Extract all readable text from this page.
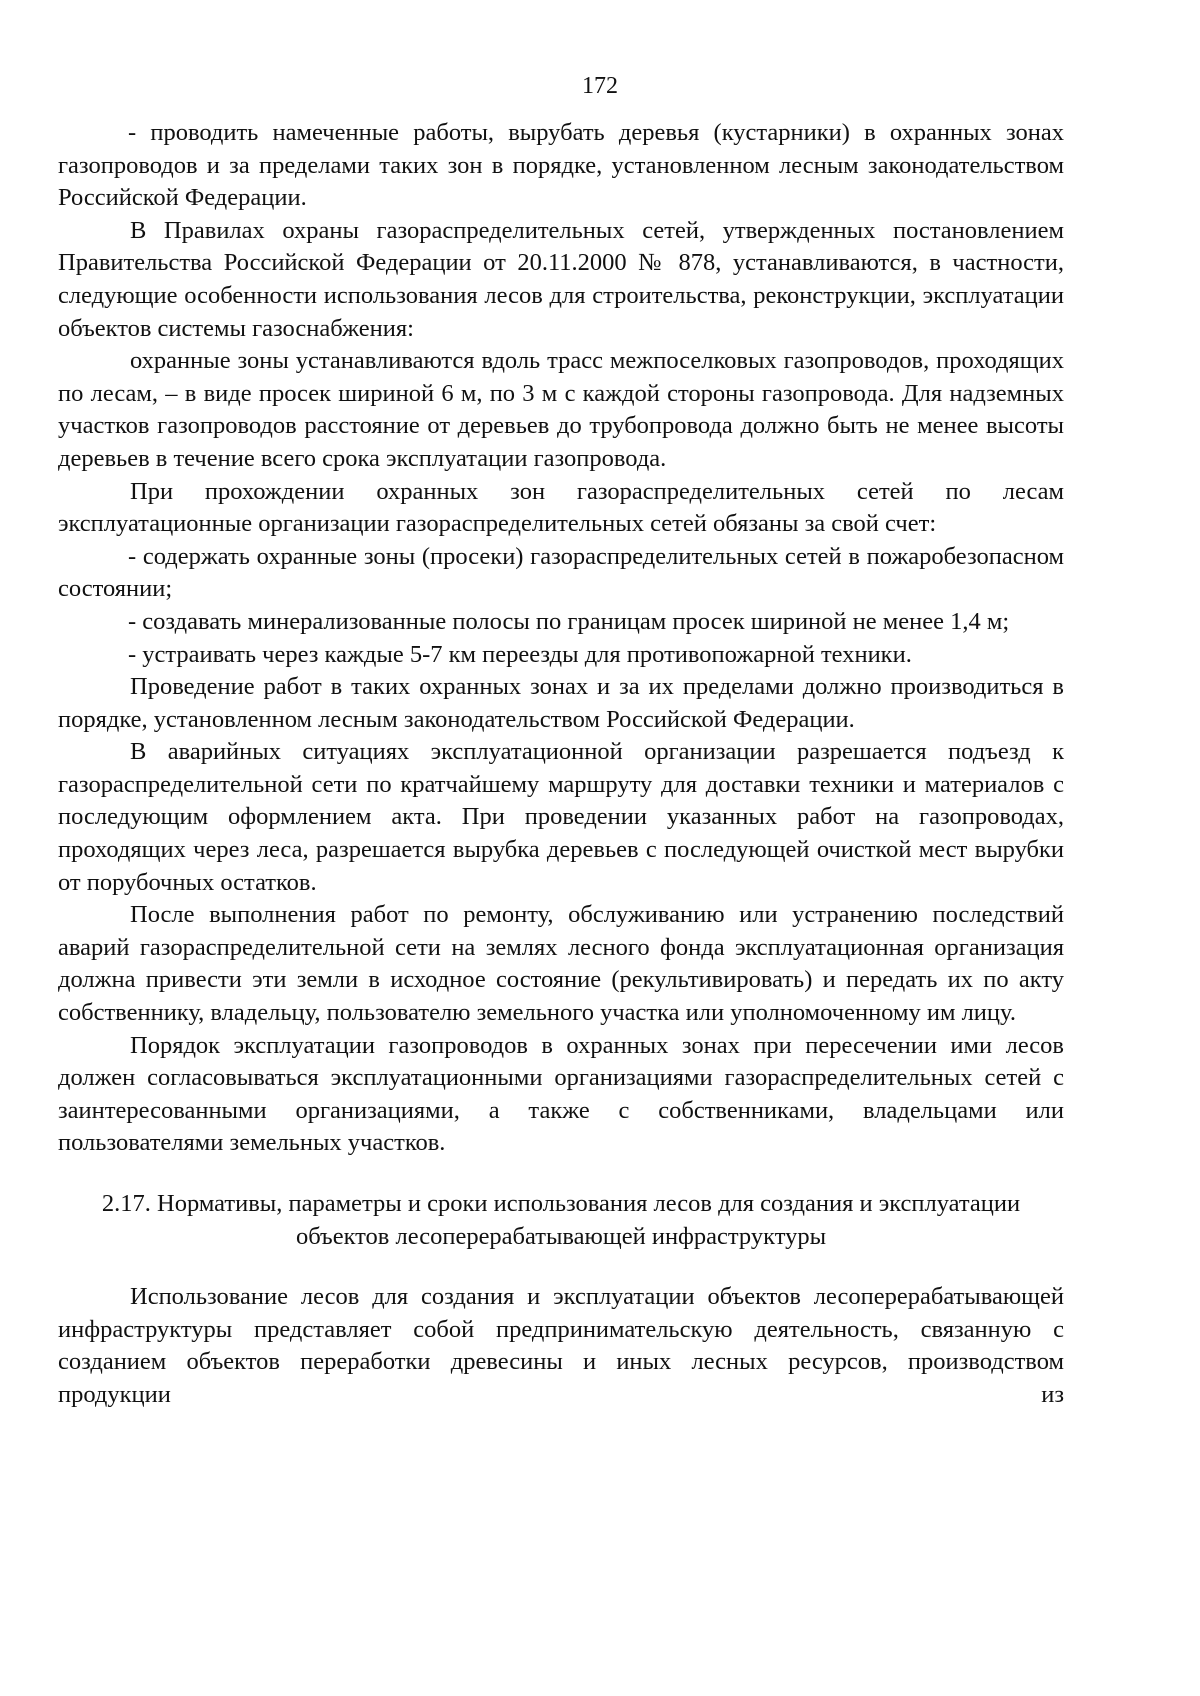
172

- проводить намеченные работы, вырубать деревья (кустарники) в охранных зонах газопроводов и за пределами таких зон в порядке, установленном лесным законодательством Российской Федерации.

В Правилах охраны газораспределительных сетей, утвержденных постановлением Правительства Российской Федерации от 20.11.2000 № 878, устанавливаются, в частности, следующие особенности использования лесов для строительства, реконструкции, эксплуатации объектов системы газоснабжения:

охранные зоны устанавливаются вдоль трасс межпоселковых газопроводов, проходящих по лесам, – в виде просек шириной 6 м, по 3 м с каждой стороны газопровода. Для надземных участков газопроводов расстояние от деревьев до трубопровода должно быть не менее высоты деревьев в течение всего срока эксплуатации газопровода.

При прохождении охранных зон газораспределительных сетей по лесам эксплуатационные организации газораспределительных сетей обязаны за свой счет:

- содержать охранные зоны (просеки) газораспределительных сетей в пожаробезопасном состоянии;

- создавать минерализованные полосы по границам просек шириной не менее 1,4 м;

- устраивать через каждые 5-7 км переезды для противопожарной техники.

Проведение работ в таких охранных зонах и за их пределами должно производиться в порядке, установленном лесным законодательством Российской Федерации.

В аварийных ситуациях эксплуатационной организации разрешается подъезд к газораспределительной сети по кратчайшему маршруту для доставки техники и материалов с последующим оформлением акта. При проведении указанных работ на газопроводах, проходящих через леса, разрешается вырубка деревьев с последующей очисткой мест вырубки от порубочных остатков.

После выполнения работ по ремонту, обслуживанию или устранению последствий аварий газораспределительной сети на землях лесного фонда эксплуатационная организация должна привести эти земли в исходное состояние (рекультивировать) и передать их по акту собственнику, владельцу, пользователю земельного участка или уполномоченному им лицу.

Порядок эксплуатации газопроводов в охранных зонах при пересечении ими лесов должен согласовываться эксплуатационными организациями газораспределительных сетей с заинтересованными организациями, а также с собственниками, владельцами или пользователями земельных участков.

2.17. Нормативы, параметры и сроки использования лесов для создания и эксплуатации объектов лесоперерабатывающей инфраструктуры

Использование лесов для создания и эксплуатации объектов лесоперерабатывающей инфраструктуры представляет собой предпринимательскую деятельность, связанную с созданием объектов переработки древесины и иных лесных ресурсов, производством продукции из
